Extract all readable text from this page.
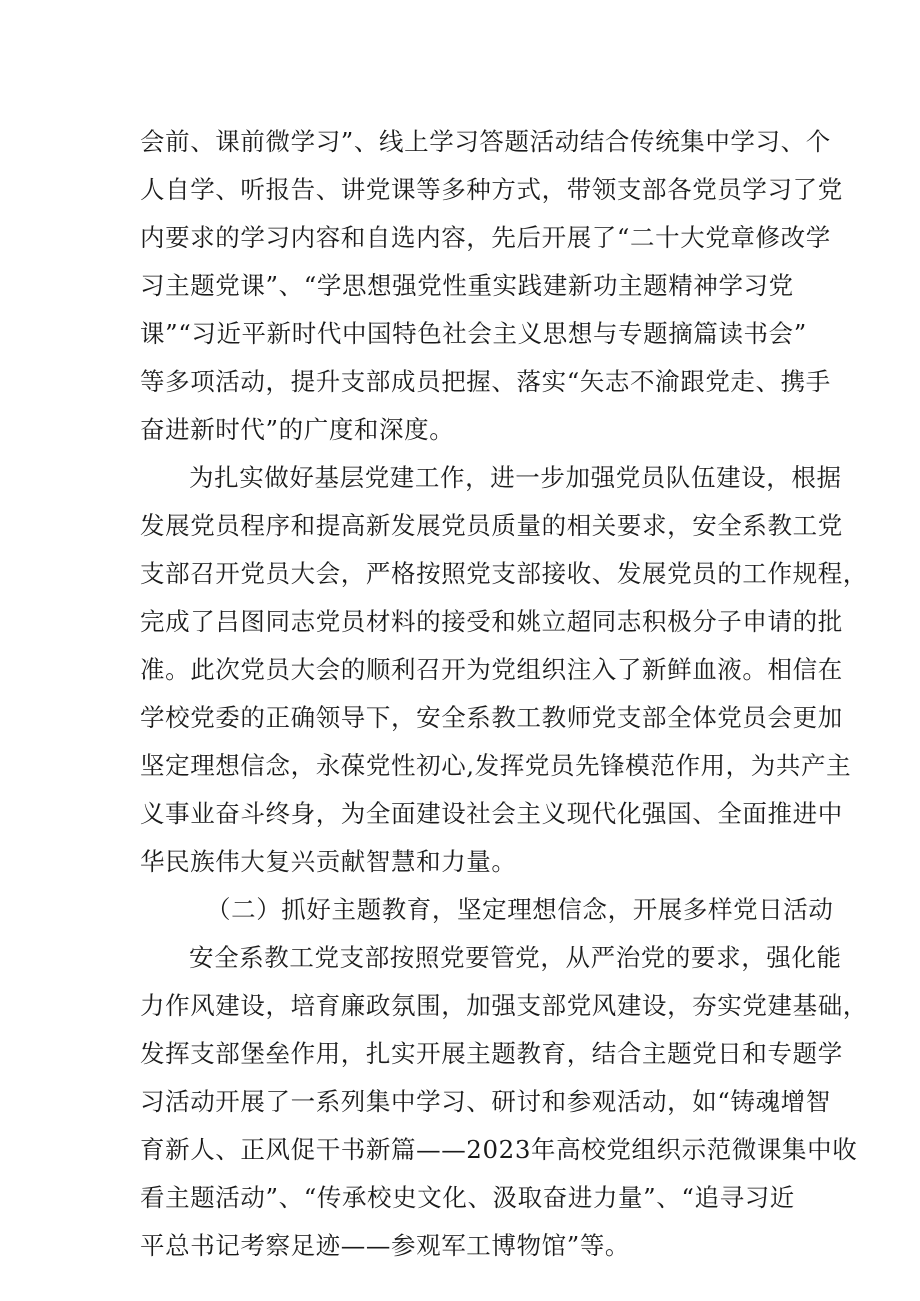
会前、课前微学习”、线上学习答题活动结合传统集中学习、个
人自学、听报告、讲党课等多种方式，带领支部各党员学习了党
内要求的学习内容和自选内容，先后开展了“二十大党章修改学
习主题党课”、“学思想强党性重实践建新功主题精神学习党
课”“习近平新时代中国特色社会主义思想与专题摘篇读书会”
等多项活动，提升支部成员把握、落实“矢志不渝跟党走、携手
奋进新时代”的广度和深度。
为扎实做好基层党建工作，进一步加强党员队伍建设，根据
发展党员程序和提高新发展党员质量的相关要求，安全系教工党
支部召开党员大会，严格按照党支部接收、发展党员的工作规程，
完成了吕图同志党员材料的接受和姚立超同志积极分子申请的批
准。此次党员大会的顺利召开为党组织注入了新鲜血液。相信在
学校党委的正确领导下，安全系教工教师党支部全体党员会更加
坚定理想信念，永葆党性初心,发挥党员先锋模范作用，为共产主
义事业奋斗终身，为全面建设社会主义现代化强国、全面推进中
华民族伟大复兴贡献智慧和力量。
（二）抓好主题教育，坚定理想信念，开展多样党日活动
安全系教工党支部按照党要管党，从严治党的要求，强化能
力作风建设，培育廉政氛围，加强支部党风建设，夯实党建基础，
发挥支部堡垒作用，扎实开展主题教育，结合主题党日和专题学
习活动开展了一系列集中学习、研讨和参观活动，如“铸魂增智
育新人、正风促干书新篇——2023年高校党组织示范微课集中收
看主题活动”、“传承校史文化、汲取奋进力量”、“追寻习近
平总书记考察足迹——参观军工博物馆”等。
